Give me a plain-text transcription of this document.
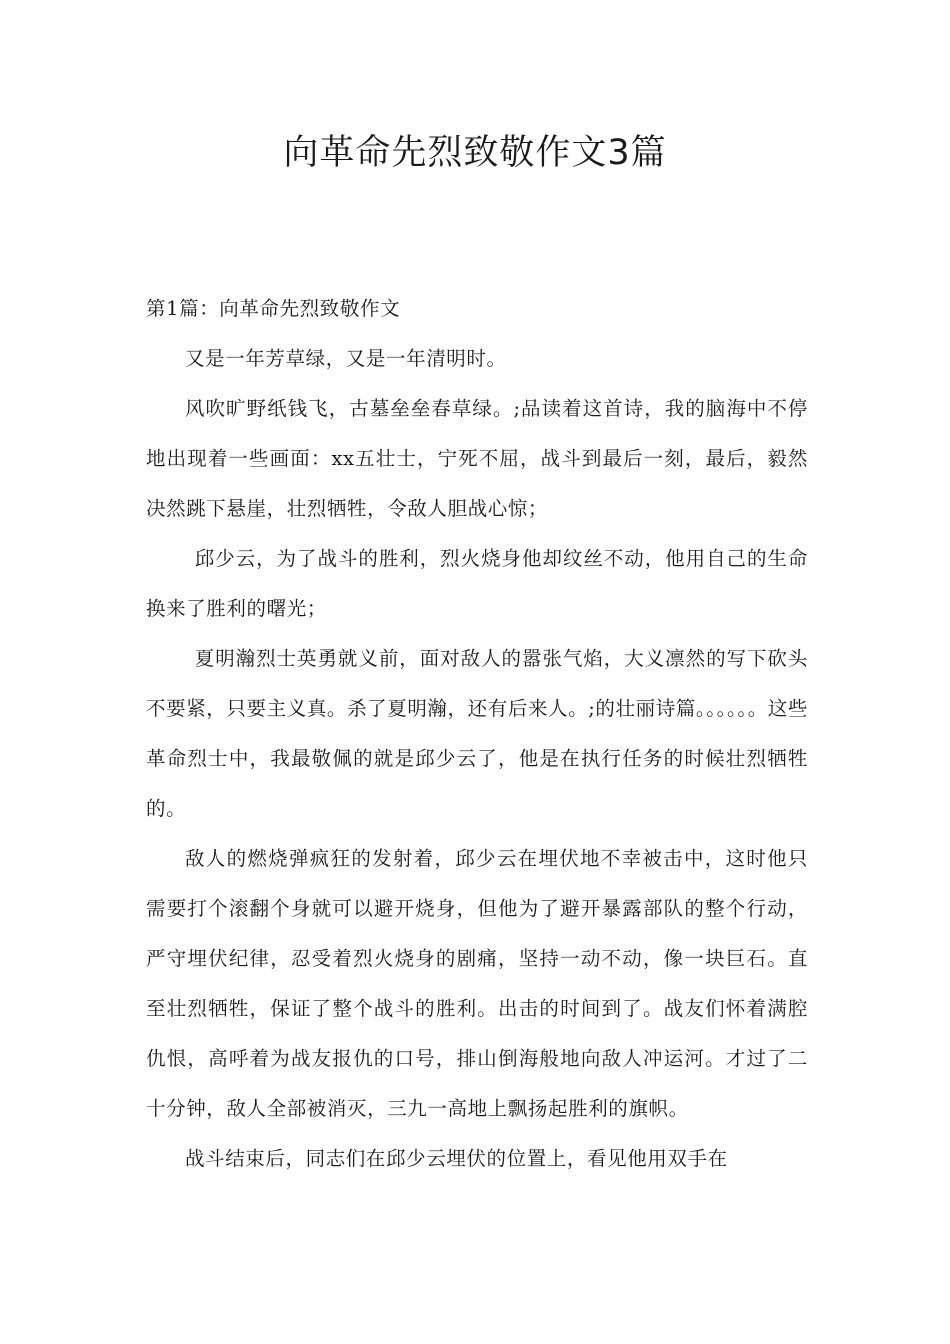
向革命先烈致敬作文3篇
第1篇：向革命先烈致敬作文

又是一年芳草绿，又是一年清明时。

风吹旷野纸钱飞，古墓垒垒春草绿。;品读着这首诗，我的脑海中不停地出现着一些画面：xx五壮士，宁死不屈，战斗到最后一刻，最后，毅然决然跳下悬崖，壮烈牺牲，令敌人胆战心惊；

邱少云，为了战斗的胜利，烈火烧身他却纹丝不动，他用自己的生命换来了胜利的曙光；

夏明瀚烈士英勇就义前，面对敌人的嚣张气焰，大义凛然的写下砍头不要紧，只要主义真。杀了夏明瀚，还有后来人。;的壮丽诗篇。。。。。。这些革命烈士中，我最敬佩的就是邱少云了，他是在执行任务的时候壮烈牺牲的。

敌人的燃烧弹疯狂的发射着，邱少云在埋伏地不幸被击中，这时他只需要打个滚翻个身就可以避开烧身，但他为了避开暴露部队的整个行动，严守埋伏纪律，忍受着烈火烧身的剧痛，坚持一动不动，像一块巨石。直至壮烈牺牲，保证了整个战斗的胜利。出击的时间到了。战友们怀着满腔仇恨，高呼着为战友报仇的口号，排山倒海般地向敌人冲运河。才过了二十分钟，敌人全部被消灭，三九一高地上飘扬起胜利的旗帜。

战斗结束后，同志们在邱少云埋伏的位置上，看见他用双手在
